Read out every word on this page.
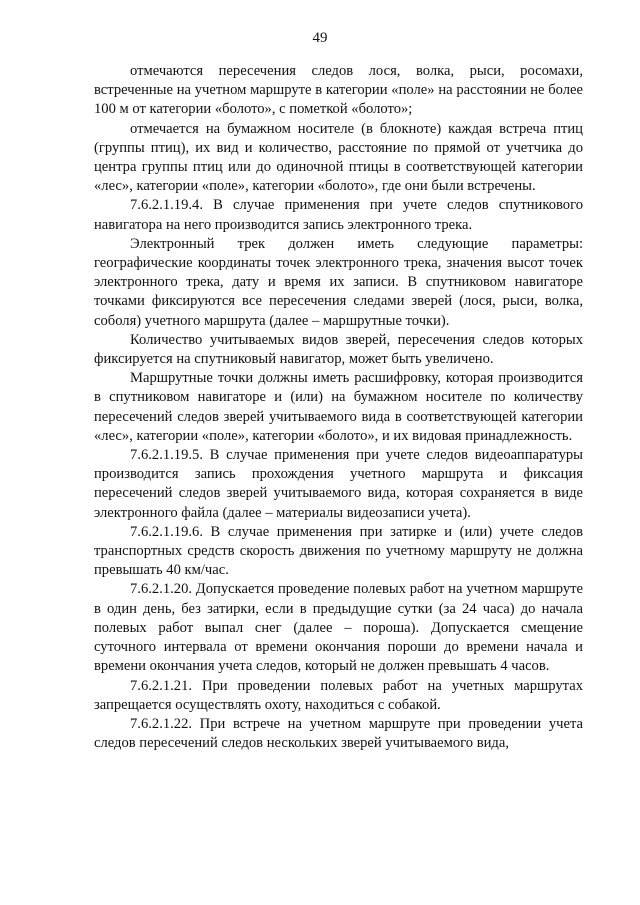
49

отмечаются пересечения следов лося, волка, рыси, росомахи, встреченные на учетном маршруте в категории «поле» на расстоянии не более 100 м от категории «болото», с пометкой «болото»;

отмечается на бумажном носителе (в блокноте) каждая встреча птиц (группы птиц), их вид и количество, расстояние по прямой от учетчика до центра группы птиц или до одиночной птицы в соответствующей категории «лес», категории «поле», категории «болото», где они были встречены.

7.6.2.1.19.4. В случае применения при учете следов спутникового навигатора на него производится запись электронного трека.

Электронный трек должен иметь следующие параметры: географические координаты точек электронного трека, значения высот точек электронного трека, дату и время их записи. В спутниковом навигаторе точками фиксируются все пересечения следами зверей (лося, рыси, волка, соболя) учетного маршрута (далее – маршрутные точки).

Количество учитываемых видов зверей, пересечения следов которых фиксируется на спутниковый навигатор, может быть увеличено.

Маршрутные точки должны иметь расшифровку, которая производится в спутниковом навигаторе и (или) на бумажном носителе по количеству пересечений следов зверей учитываемого вида в соответствующей категории «лес», категории «поле», категории «болото», и их видовая принадлежность.

7.6.2.1.19.5. В случае применения при учете следов видеоаппаратуры производится запись прохождения учетного маршрута и фиксация пересечений следов зверей учитываемого вида, которая сохраняется в виде электронного файла (далее – материалы видеозаписи учета).

7.6.2.1.19.6. В случае применения при затирке и (или) учете следов транспортных средств скорость движения по учетному маршруту не должна превышать 40 км/час.

7.6.2.1.20. Допускается проведение полевых работ на учетном маршруте в один день, без затирки, если в предыдущие сутки (за 24 часа) до начала полевых работ выпал снег (далее – пороша). Допускается смещение суточного интервала от времени окончания пороши до времени начала и времени окончания учета следов, который не должен превышать 4 часов.

7.6.2.1.21. При проведении полевых работ на учетных маршрутах запрещается осуществлять охоту, находиться с собакой.

7.6.2.1.22. При встрече на учетном маршруте при проведении учета следов пересечений следов нескольких зверей учитываемого вида,
